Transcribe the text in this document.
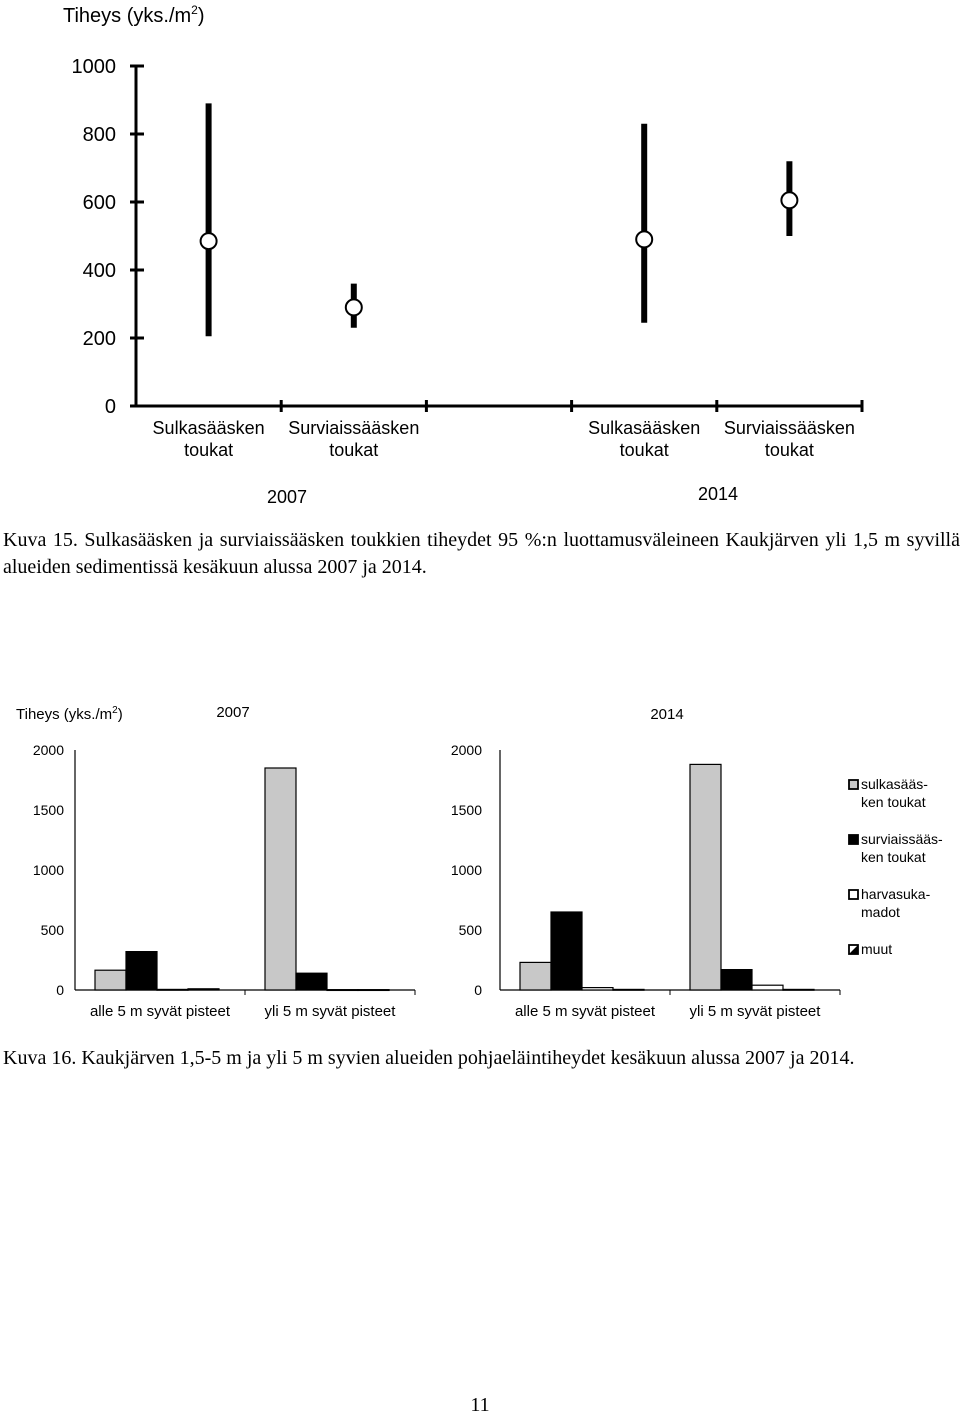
Tiheys $(yks./m^2)$
0
200
400
600
800
1000
Sulkasääsken toukat
Surviaissääsken toukat
2007
Sulkasääsken toukat
Surviaissääsken toukat
2014

Kuva 15. Sulkasääsken ja surviaissääsken toukkien tiheydet 95 %:n luottamusväleineen Kaukjärven yli 1,5 m syvillä alueiden sedimentissä kesäkuun alussa 2007 ja 2014.

Tiheys $(yks./m^2)$
0
500
1000
1500
2000
2007
alle 5 m syvät pisteet yli 5 m syvät pisteet
0
500
1000
1500
2000
2014
alle 5 m syvät pisteet yli 5 m syvät pisteet
sulkasääs-ken toukat
surviaissääs-ken toukat
harvasuka-madot
muut

Kuva 16. Kaukjärven 1,5-5 m ja yli 5 m syvien alueiden pohjaeläintiheydet kesäkuun alussa 2007 ja 2014.

11
